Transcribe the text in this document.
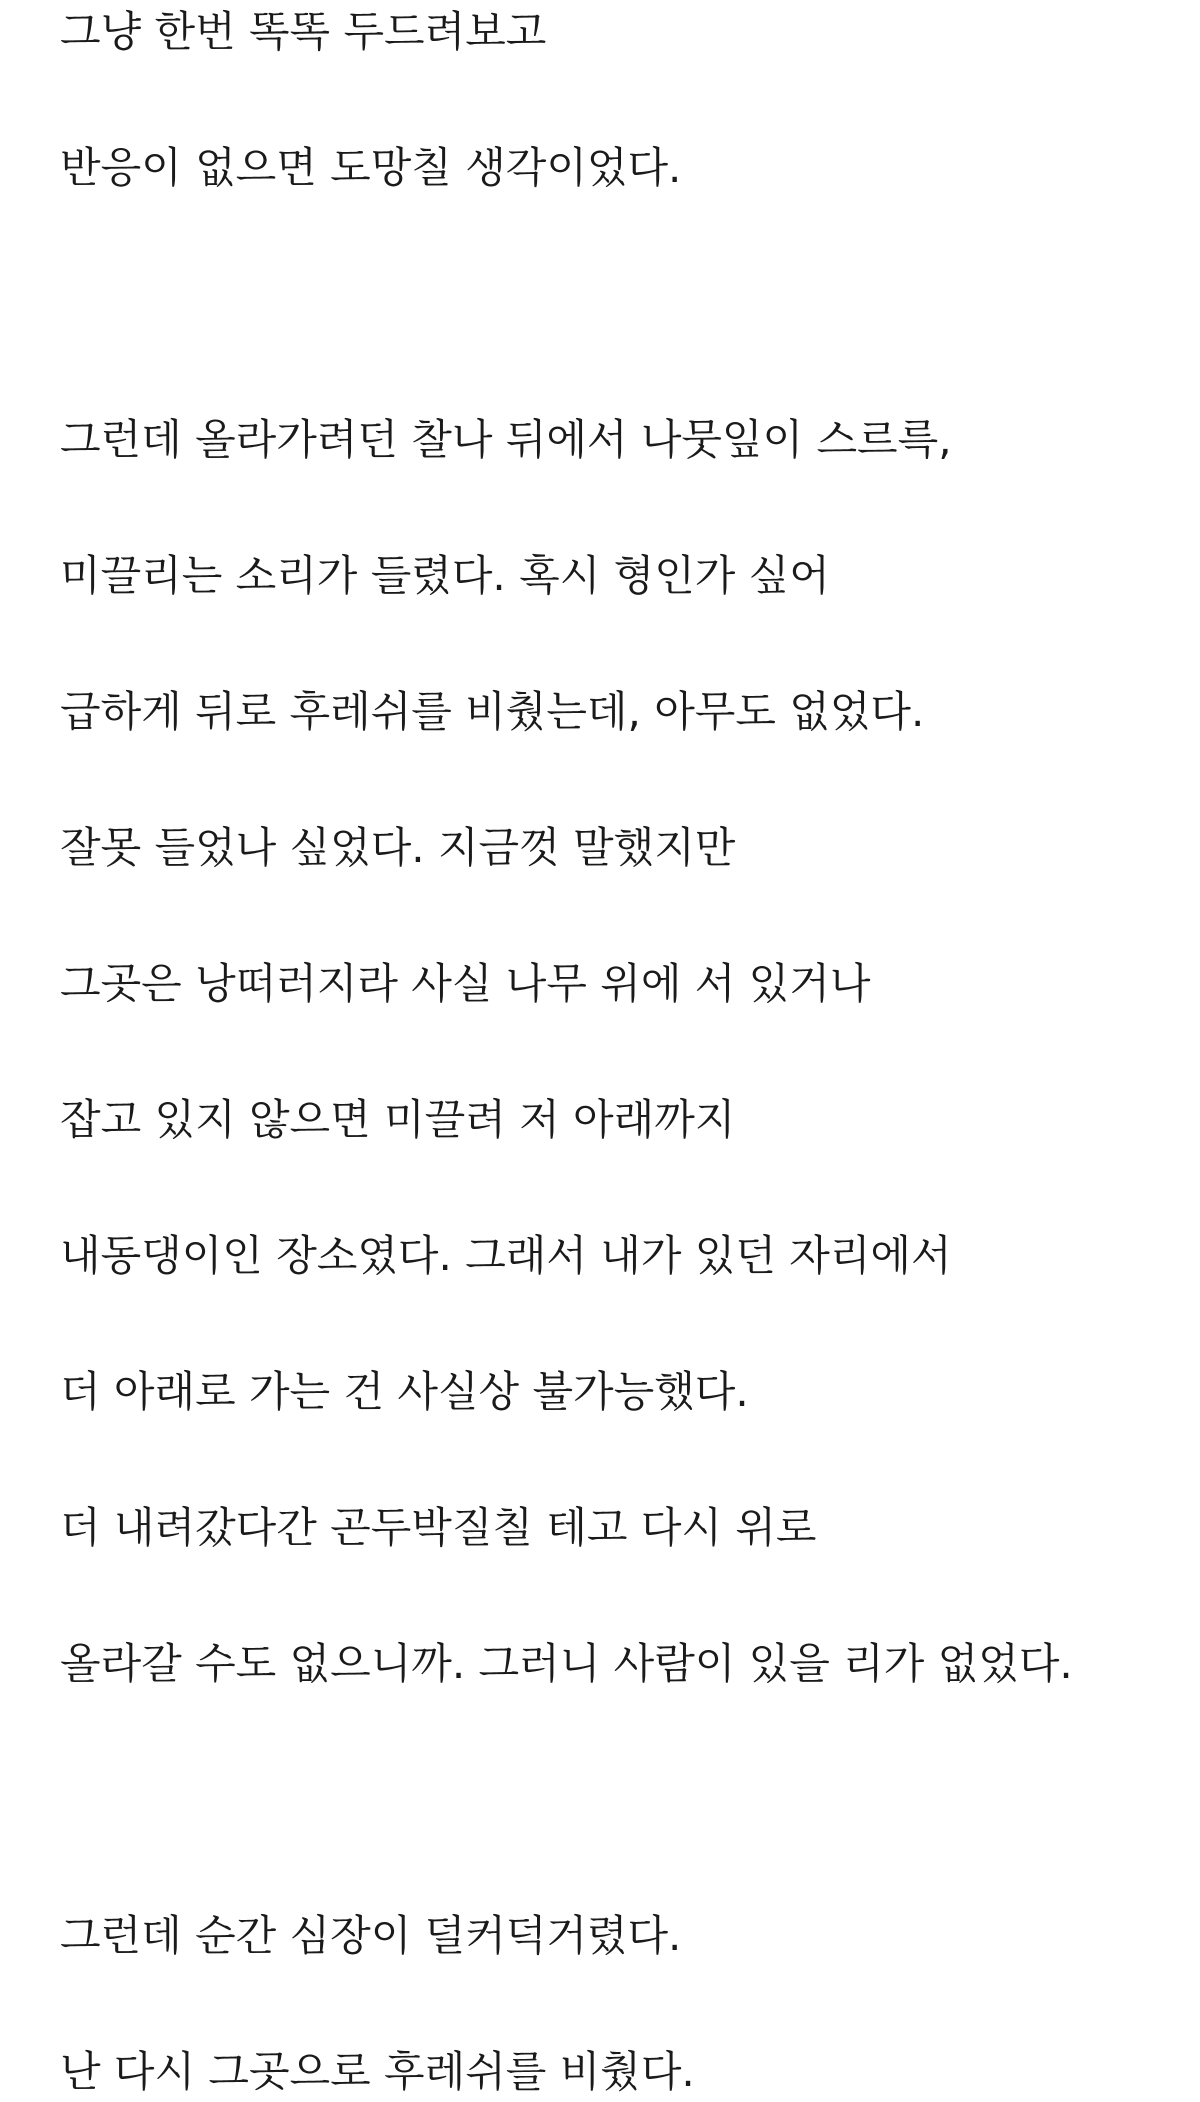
그냥 한번 똑똑 두드려보고

반응이 없으면 도망칠 생각이었다.

그런데 올라가려던 찰나 뒤에서 나뭇잎이 스르륵,

미끌리는 소리가 들렸다. 혹시 형인가 싶어

급하게 뒤로 후레쉬를 비췄는데, 아무도 없었다.

잘못 들었나 싶었다. 지금껏 말했지만

그곳은 낭떠러지라 사실 나무 위에 서 있거나

잡고 있지 않으면 미끌려 저 아래까지

내동댕이인 장소였다. 그래서 내가 있던 자리에서

더 아래로 가는 건 사실상 불가능했다.

더 내려갔다간 곤두박질칠 테고 다시 위로

올라갈 수도 없으니까. 그러니 사람이 있을 리가 없었다.

그런데 순간 심장이 덜커덕거렸다.

난 다시 그곳으로 후레쉬를 비췄다.
